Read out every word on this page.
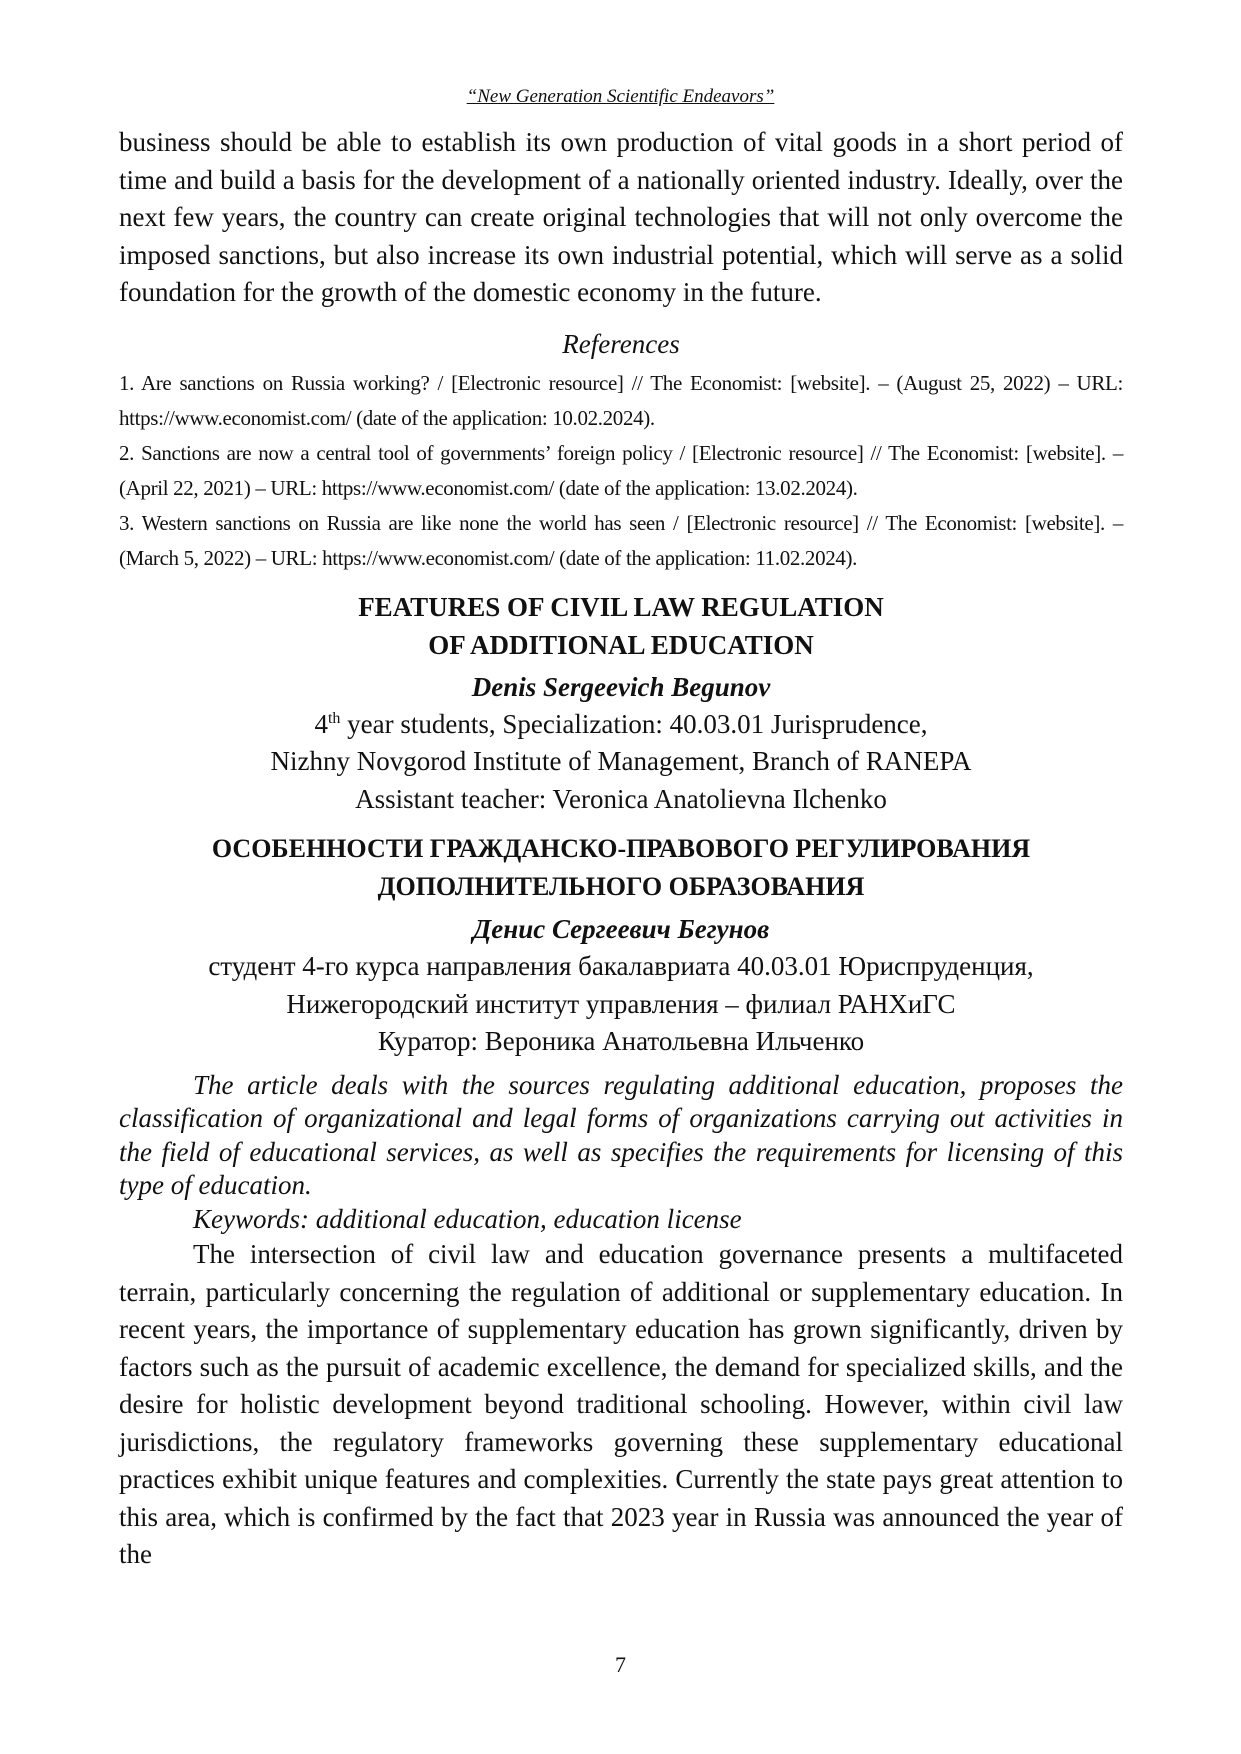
“New Generation Scientific Endeavors”

business should be able to establish its own production of vital goods in a short period of time and build a basis for the development of a nationally oriented industry. Ideally, over the next few years, the country can create original technologies that will not only overcome the imposed sanctions, but also increase its own industrial potential, which will serve as a solid foundation for the growth of the domestic economy in the future.

References

1. Are sanctions on Russia working? / [Electronic resource] // The Economist: [website]. – (August 25, 2022) – URL: https://www.economist.com/ (date of the application: 10.02.2024).

2. Sanctions are now a central tool of governments’ foreign policy / [Electronic resource] // The Economist: [website]. – (April 22, 2021) – URL: https://www.economist.com/ (date of the application: 13.02.2024).

3. Western sanctions on Russia are like none the world has seen / [Electronic resource] // The Economist: [website]. – (March 5, 2022) – URL: https://www.economist.com/ (date of the application: 11.02.2024).

FEATURES OF CIVIL LAW REGULATION
OF ADDITIONAL EDUCATION
Denis Sergeevich Begunov

4th year students, Specialization: 40.03.01 Jurisprudence,

Nizhny Novgorod Institute of Management, Branch of RANEPA

Assistant teacher: Veronica Anatolievna Ilchenko

ОСОБЕННОСТИ ГРАЖДАНСКО-ПРАВОВОГО РЕГУЛИРОВАНИЯ
ДОПОЛНИТЕЛЬНОГО ОБРАЗОВАНИЯ
Денис Сергеевич Бегунов

студент 4-го курса направления бакалавриата 40.03.01 Юриспруденция,

Нижегородский институт управления – филиал РАНХиГС

Куратор: Вероника Анатольевна Ильченко

The article deals with the sources regulating additional education, proposes the classification of organizational and legal forms of organizations carrying out activities in the field of educational services, as well as specifies the requirements for licensing of this type of education.

Keywords: additional education, education license

The intersection of civil law and education governance presents a multifaceted terrain, particularly concerning the regulation of additional or supplementary education. In recent years, the importance of supplementary education has grown significantly, driven by factors such as the pursuit of academic excellence, the demand for specialized skills, and the desire for holistic development beyond traditional schooling. However, within civil law jurisdictions, the regulatory frameworks governing these supplementary educational practices exhibit unique features and complexities. Currently the state pays great attention to this area, which is confirmed by the fact that 2023 year in Russia was announced the year of the

7
